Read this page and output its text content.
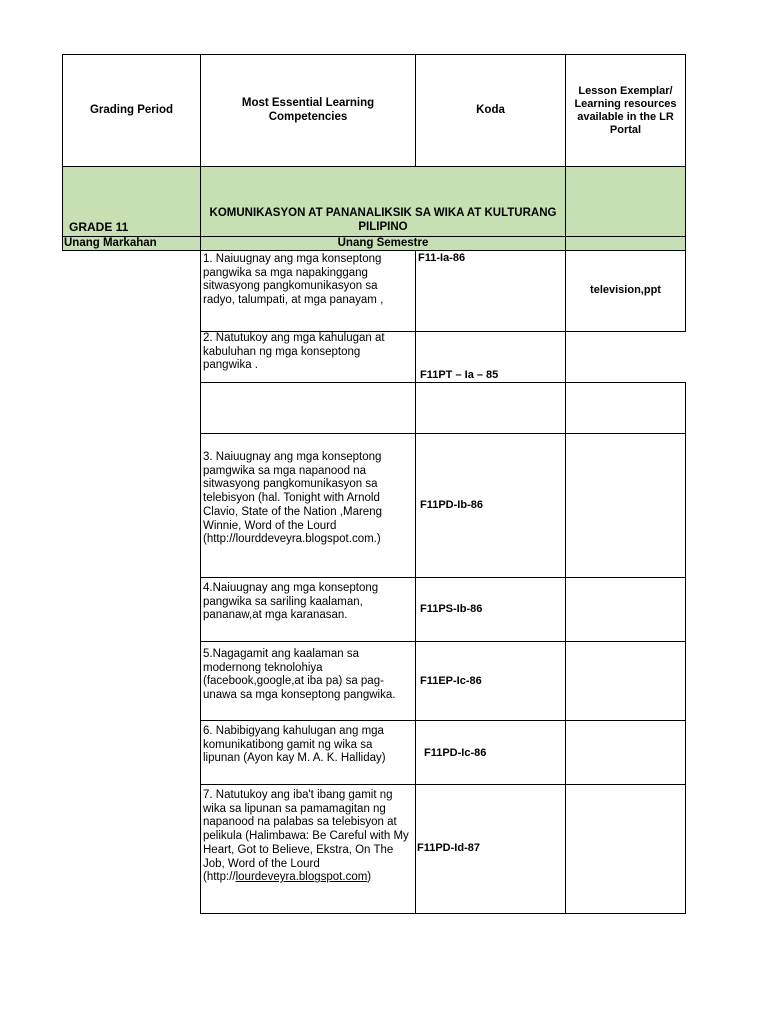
Grading Period
Most Essential Learning Competencies
Koda
Lesson Exemplar/ Learning resources available in the LR Portal
GRADE 11
KOMUNIKASYON AT PANANALIKSIK SA WIKA AT KULTURANG PILIPINO
Unang Markahan	Unang Semestre
1. Naiuugnay ang mga konseptong pangwika sa mga napakinggang sitwasyong pangkomunikasyon sa radyo, talumpati, at mga panayam ,
F11-Ia-86
television,ppt
2. Natutukoy ang mga kahulugan at kabuluhan ng mga konseptong pangwika .
F11PT – Ia – 85
3. Naiuugnay ang mga konseptong pamgwika sa mga napanood na sitwasyong pangkomunikasyon sa telebisyon (hal. Tonight with Arnold Clavio, State of the Nation ,Mareng Winnie, Word of the Lourd (http://lourddeveyra.blogspot.com.)
F11PD-Ib-86
4.Naiuugnay ang mga konseptong pangwika sa sariling kaalaman, pananaw,at mga karanasan.
F11PS-Ib-86
5.Nagagamit ang kaalaman sa modernong teknolohiya (facebook,google,at iba pa) sa pag-unawa sa mga konseptong pangwika.
F11EP-Ic-86
6. Nabibigyang kahulugan ang mga komunikatibong gamit ng wika sa lipunan (Ayon kay M. A. K. Halliday)	F11PD-Ic-86
7. Natutukoy ang iba't ibang gamit ng wika sa lipunan sa pamamagitan ng napanood na palabas sa telebisyon at pelikula (Halimbawa: Be Careful with My Heart, Got to Believe, Ekstra, On The Job, Word of the Lourd (http://lourdeveyra.blogspot.com)
F11PD-Id-87
